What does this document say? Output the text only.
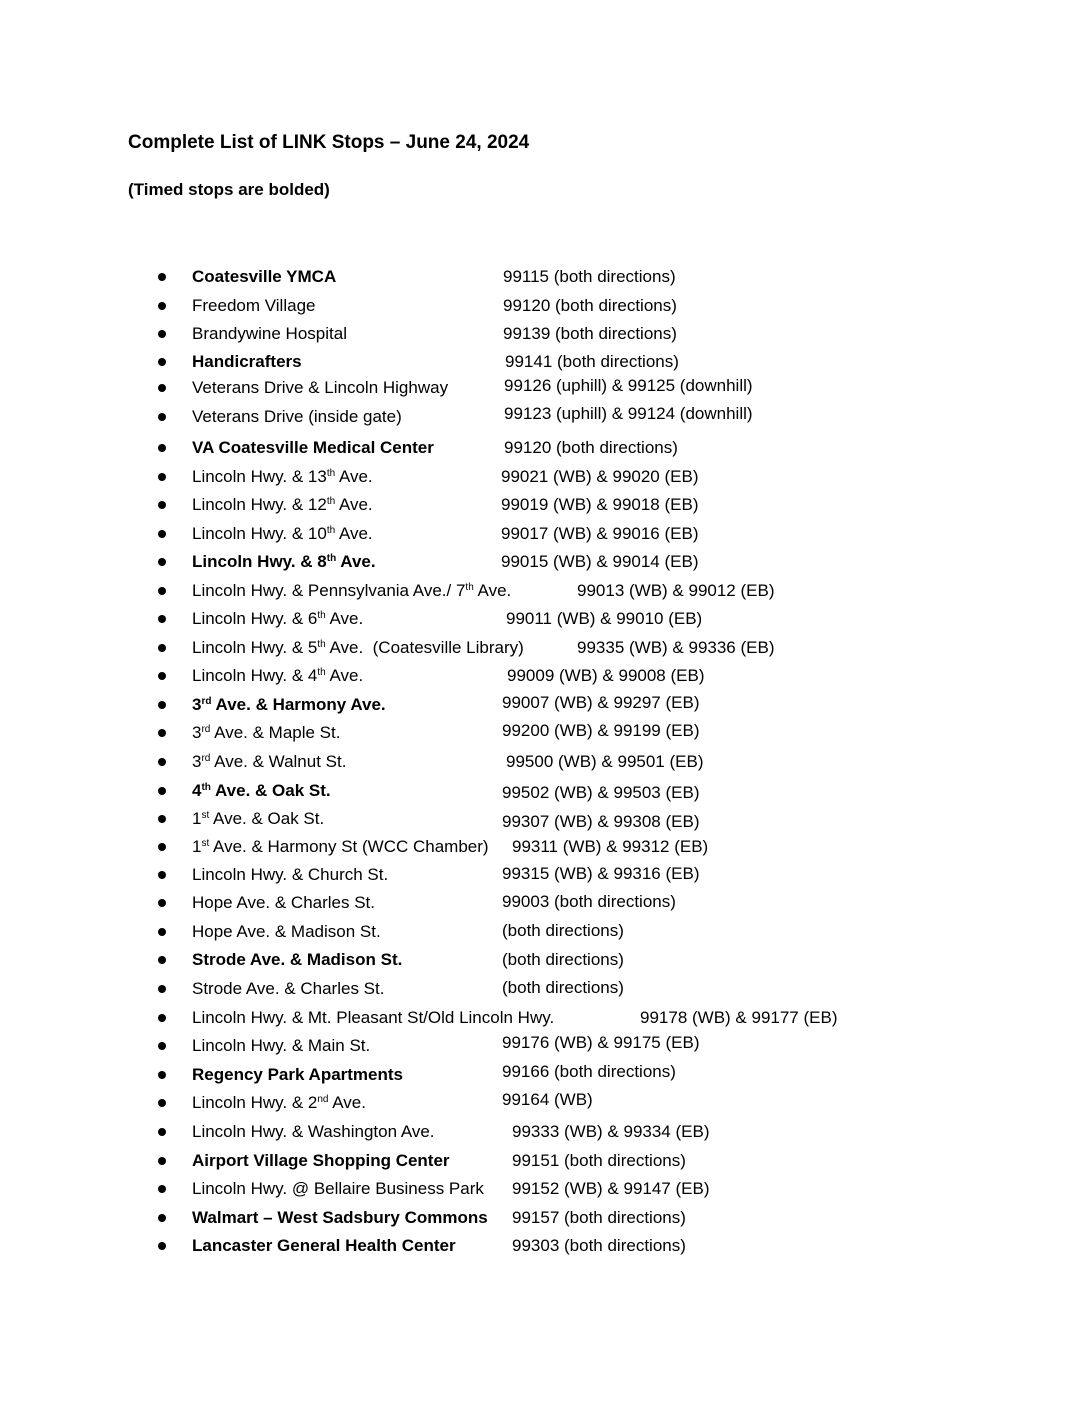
Complete List of LINK Stops – June 24, 2024
(Timed stops are bolded)
Coatesville YMCA	99115 (both directions)
Freedom Village	99120 (both directions)
Brandywine Hospital	99139 (both directions)
Handicrafters	99141 (both directions)
Veterans Drive & Lincoln Highway	99126 (uphill) & 99125 (downhill)
Veterans Drive (inside gate)	99123 (uphill) & 99124 (downhill)
VA Coatesville Medical Center	99120 (both directions)
Lincoln Hwy. & 13th Ave.	99021 (WB) & 99020 (EB)
Lincoln Hwy. & 12th Ave.	99019 (WB) & 99018 (EB)
Lincoln Hwy. & 10th Ave.	99017 (WB) & 99016 (EB)
Lincoln Hwy. & 8th Ave.	99015 (WB) & 99014 (EB)
Lincoln Hwy. & Pennsylvania Ave./ 7th Ave.	99013 (WB) & 99012 (EB)
Lincoln Hwy. & 6th Ave.	99011 (WB) & 99010 (EB)
Lincoln Hwy. & 5th Ave.  (Coatesville Library)	99335 (WB) & 99336 (EB)
Lincoln Hwy. & 4th Ave.	99009 (WB) & 99008 (EB)
3rd Ave. & Harmony Ave.	99007 (WB) & 99297 (EB)
3rd Ave. & Maple St.	99200 (WB) & 99199 (EB)
3rd Ave. & Walnut St.	99500 (WB) & 99501 (EB)
4th Ave. & Oak St.	99502 (WB) & 99503 (EB)
1st Ave. & Oak St.	99307 (WB) & 99308 (EB)
1st Ave. & Harmony St (WCC Chamber) 99311 (WB) & 99312 (EB)
Lincoln Hwy. & Church St.	99315 (WB) & 99316 (EB)
Hope Ave. & Charles St.	99003 (both directions)
Hope Ave. & Madison St.	(both directions)
Strode Ave. & Madison St.	(both directions)
Strode Ave. & Charles St.	(both directions)
Lincoln Hwy. & Mt. Pleasant St/Old Lincoln Hwy.	99178 (WB) & 99177 (EB)
Lincoln Hwy. & Main St.	99176 (WB) & 99175 (EB)
Regency Park Apartments	99166 (both directions)
Lincoln Hwy. & 2nd Ave.	99164 (WB)
Lincoln Hwy. & Washington Ave.	99333 (WB) & 99334 (EB)
Airport Village Shopping Center	99151 (both directions)
Lincoln Hwy. @ Bellaire Business Park 99152 (WB) & 99147 (EB)
Walmart – West Sadsbury Commons 99157 (both directions)
Lancaster General Health Center	99303 (both directions)
